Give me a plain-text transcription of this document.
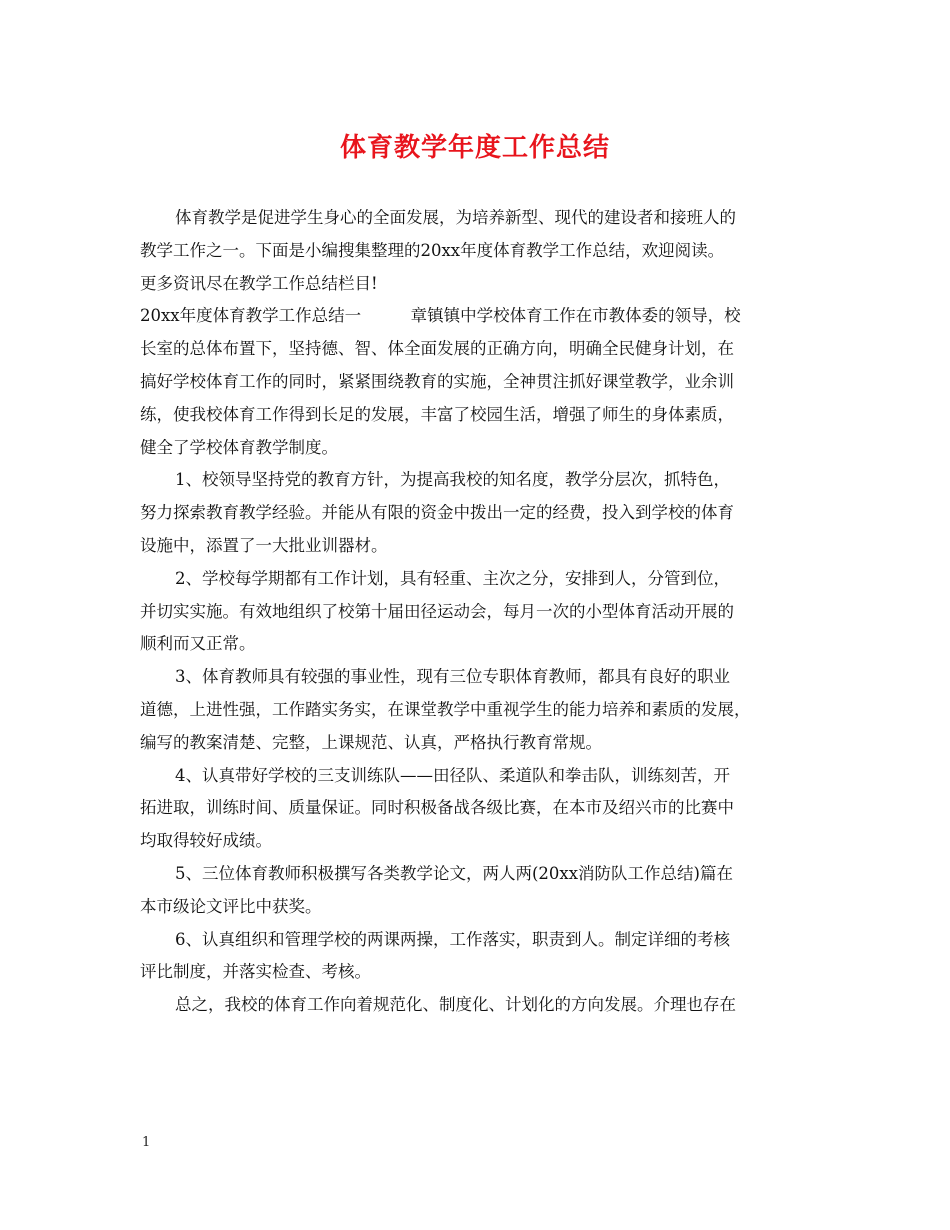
体育教学年度工作总结

体育教学是促进学生身心的全面发展，为培养新型、现代的建设者和接班人的
教学工作之一。下面是小编搜集整理的20xx年度体育教学工作总结，欢迎阅读。
更多资讯尽在教学工作总结栏目!

20xx年度体育教学工作总结一　　　章镇镇中学校体育工作在市教体委的领导，校
长室的总体布置下，坚持德、智、体全面发展的正确方向，明确全民健身计划，在
搞好学校体育工作的同时，紧紧围绕教育的实施，全神贯注抓好课堂教学，业余训
练，使我校体育工作得到长足的发展，丰富了校园生活，增强了师生的身体素质，
健全了学校体育教学制度。

1、校领导坚持党的教育方针，为提高我校的知名度，教学分层次，抓特色，
努力探索教育教学经验。并能从有限的资金中拨出一定的经费，投入到学校的体育
设施中，添置了一大批业训器材。

2、学校每学期都有工作计划，具有轻重、主次之分，安排到人，分管到位，
并切实实施。有效地组织了校第十届田径运动会，每月一次的小型体育活动开展的
顺利而又正常。

3、体育教师具有较强的事业性，现有三位专职体育教师，都具有良好的职业
道德，上进性强，工作踏实务实，在课堂教学中重视学生的能力培养和素质的发展，
编写的教案清楚、完整，上课规范、认真，严格执行教育常规。

4、认真带好学校的三支训练队——田径队、柔道队和拳击队，训练刻苦，开
拓进取，训练时间、质量保证。同时积极备战各级比赛，在本市及绍兴市的比赛中
均取得较好成绩。

5、三位体育教师积极撰写各类教学论文，两人两(20xx消防队工作总结)篇在
本市级论文评比中获奖。

6、认真组织和管理学校的两课两操，工作落实，职责到人。制定详细的考核
评比制度，并落实检查、考核。

总之，我校的体育工作向着规范化、制度化、计划化的方向发展。介理也存在

1
